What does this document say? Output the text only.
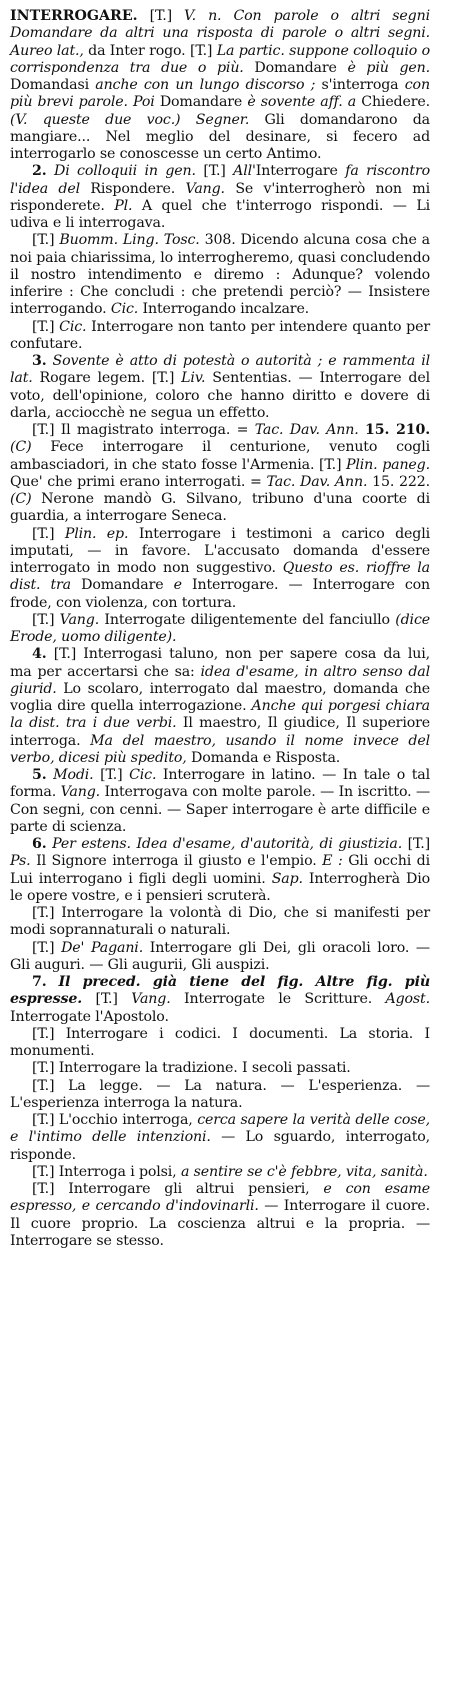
INTERROGARE. [T.] V. n. Con parole o altri segni Domandare da altri una risposta di parole o altri segni. Aureo lat., da Inter rogo. [T.] La partic. suppone colloquio o corrispondenza tra due o più. Domandare è più gen. Domandasi anche con un lungo discorso ; s'interroga con più brevi parole. Poi Domandare è sovente aff. a Chiedere. (V. queste due voc.) Segner. Gli domandarono da mangiare... Nel meglio del desinare, si fecero ad interrogarlo se conoscesse un certo Antimo.

2. Di colloquii in gen. [T.] All'Interrogare fa riscontro l'idea del Rispondere. Vang. Se v'interrogherò non mi risponderete. Pl. A quel che t'interrogo rispondi. — Li udiva e li interrogava.

[T.] Buomm. Ling. Tosc. 308. Dicendo alcuna cosa che a noi paia chiarissima, lo interrogheremo, quasi concludendo il nostro intendimento e diremo : Adunque? volendo inferire : Che concludi : che pretendi perciò? — Insistere interrogando. Cic. Interrogando incalzare.

[T.] Cic. Interrogare non tanto per intendere quanto per confutare.

3. Sovente è atto di potestà o autorità ; e rammenta il lat. Rogare legem. [T.] Liv. Sententias. — Interrogare del voto, dell'opinione, coloro che hanno diritto e dovere di darla, acciocchè ne segua un effetto.

[T.] Il magistrato interroga. = Tac. Dav. Ann. 15. 210. (C) Fece interrogare il centurione, venuto cogli ambasciadori, in che stato fosse l'Armenia. [T.] Plin. paneg. Que' che primi erano interrogati. = Tac. Dav. Ann. 15. 222. (C) Nerone mandò G. Silvano, tribuno d'una coorte di guardia, a interrogare Seneca.

[T.] Plin. ep. Interrogare i testimoni a carico degli imputati, — in favore. L'accusato domanda d'essere interrogato in modo non suggestivo. Questo es. rioffre la dist. tra Domandare e Interrogare. — Interrogare con frode, con violenza, con tortura.

[T.] Vang. Interrogate diligentemente del fanciullo (dice Erode, uomo diligente).

4. [T.] Interrogasi taluno, non per sapere cosa da lui, ma per accertarsi che sa: idea d'esame, in altro senso dal giurid. Lo scolaro, interrogato dal maestro, domanda che voglia dire quella interrogazione. Anche qui porgesi chiara la dist. tra i due verbi. Il maestro, Il giudice, Il superiore interroga. Ma del maestro, usando il nome invece del verbo, dicesi più spedito, Domanda e Risposta.

5. Modi. [T.] Cic. Interrogare in latino. — In tale o tal forma. Vang. Interrogava con molte parole. — In iscritto. — Con segni, con cenni. — Saper interrogare è arte difficile e parte di scienza.

6. Per estens. Idea d'esame, d'autorità, di giustizia. [T.] Ps. Il Signore interroga il giusto e l'empio. E : Gli occhi di Lui interrogano i figli degli uomini. Sap. Interrogherà Dio le opere vostre, e i pensieri scruterà.

[T.] Interrogare la volontà di Dio, che si manifesti per modi soprannaturali o naturali.

[T.] De' Pagani. Interrogare gli Dei, gli oracoli loro. — Gli auguri. — Gli augurii, Gli auspizi.

7. Il preced. già tiene del fig. Altre fig. più espresse. [T.] Vang. Interrogate le Scritture. Agost. Interrogate l'Apostolo.

[T.] Interrogare i codici. I documenti. La storia. I monumenti.

[T.] Interrogare la tradizione. I secoli passati.

[T.] La legge. — La natura. — L'esperienza. — L'esperienza interroga la natura.

[T.] L'occhio interroga, cerca sapere la verità delle cose, e l'intimo delle intenzioni. — Lo sguardo, interrogato, risponde.

[T.] Interroga i polsi, a sentire se c'è febbre, vita, sanità.

[T.] Interrogare gli altrui pensieri, e con esame espresso, e cercando d'indovinarli. — Interrogare il cuore. Il cuore proprio. La coscienza altrui e la propria. — Interrogare se stesso.
